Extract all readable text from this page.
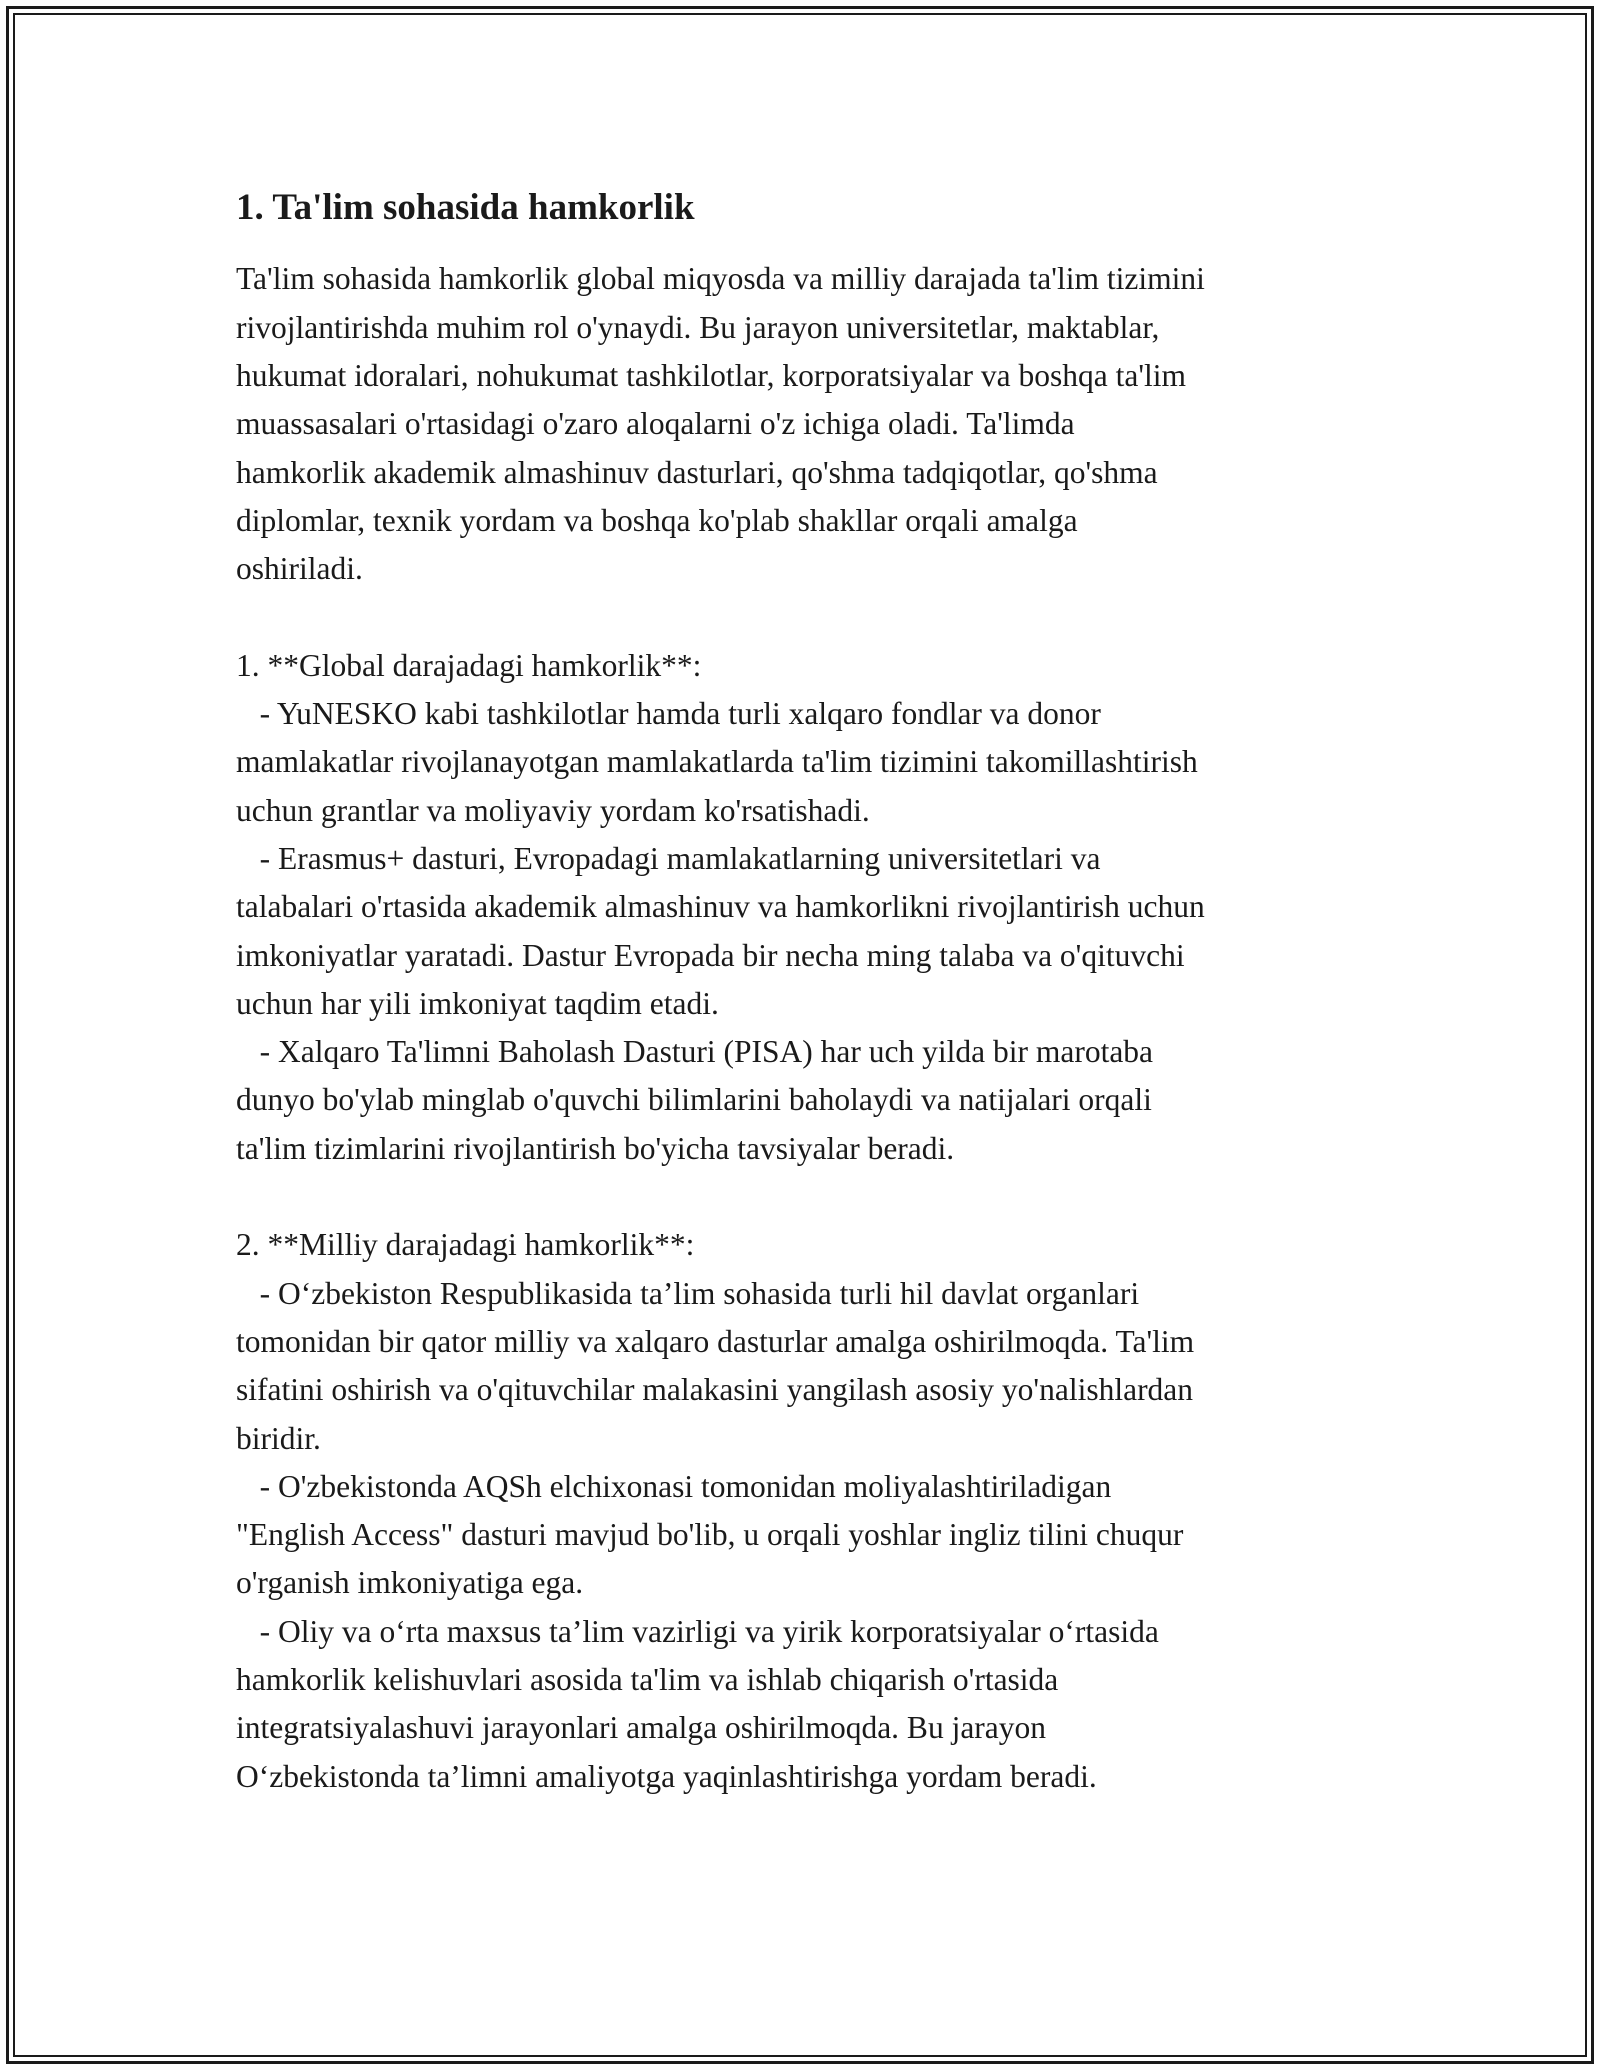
1. Ta'lim sohasida hamkorlik

Ta'lim sohasida hamkorlik global miqyosda va milliy darajada ta'lim tizimini
rivojlantirishda muhim rol o'ynaydi. Bu jarayon universitetlar, maktablar,
hukumat idoralari, nohukumat tashkilotlar, korporatsiyalar va boshqa ta'lim
muassasalari o'rtasidagi o'zaro aloqalarni o'z ichiga oladi. Ta'limda
hamkorlik akademik almashinuv dasturlari, qo'shma tadqiqotlar, qo'shma
diplomlar, texnik yordam va boshqa ko'plab shakllar orqali amalga
oshiriladi.

1. **Global darajadagi hamkorlik**:
- YuNESKO kabi tashkilotlar hamda turli xalqaro fondlar va donor
mamlakatlar rivojlanayotgan mamlakatlarda ta'lim tizimini takomillashtirish
uchun grantlar va moliyaviy yordam ko'rsatishadi.
- Erasmus+ dasturi, Evropadagi mamlakatlarning universitetlari va
talabalari o'rtasida akademik almashinuv va hamkorlikni rivojlantirish uchun
imkoniyatlar yaratadi. Dastur Evropada bir necha ming talaba va o'qituvchi
uchun har yili imkoniyat taqdim etadi.
- Xalqaro Ta'limni Baholash Dasturi (PISA) har uch yilda bir marotaba
dunyo bo'ylab minglab o'quvchi bilimlarini baholaydi va natijalari orqali
ta'lim tizimlarini rivojlantirish bo'yicha tavsiyalar beradi.

2. **Milliy darajadagi hamkorlik**:
- O‘zbekiston Respublikasida ta’lim sohasida turli hil davlat organlari
tomonidan bir qator milliy va xalqaro dasturlar amalga oshirilmoqda. Ta'lim
sifatini oshirish va o'qituvchilar malakasini yangilash asosiy yo'nalishlardan
biridir.
- O'zbekistonda AQSh elchixonasi tomonidan moliyalashtiriladigan
"English Access" dasturi mavjud bo'lib, u orqali yoshlar ingliz tilini chuqur
o'rganish imkoniyatiga ega.
- Oliy va o‘rta maxsus ta’lim vazirligi va yirik korporatsiyalar o‘rtasida
hamkorlik kelishuvlari asosida ta'lim va ishlab chiqarish o'rtasida
integratsiyalashuvi jarayonlari amalga oshirilmoqda. Bu jarayon
O‘zbekistonda ta’limni amaliyotga yaqinlashtirishga yordam beradi.
